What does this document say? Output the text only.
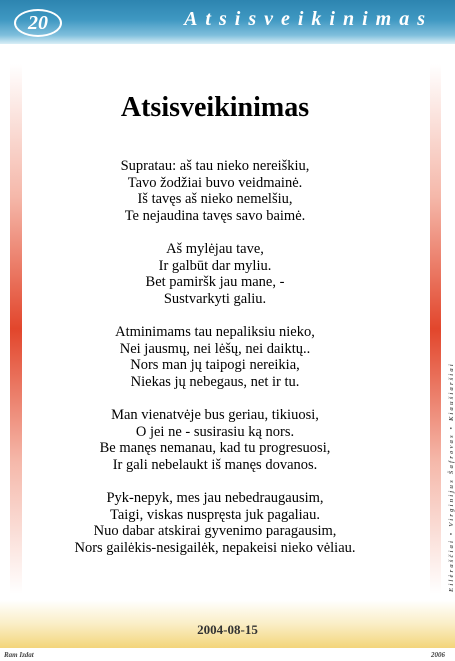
20	Atsisveikinimas
Eilėraščiai • Virginijus Šafrovas • Kiaušiaršiai
Atsisveikinimas
Supratau: aš tau nieko nereiškiu,
Tavo žodžiai buvo veidmainė.
Iš tavęs aš nieko nemelšiu,
Te nejaudina tavęs savo baimė.
Aš mylėjau tave,
Ir galbūt dar myliu.
Bet pamiršk jau mane, -
Sustvarkyti galiu.
Atminimams tau nepaliksiu nieko,
Nei jausmų, nei lėšų, nei daiktų..
Nors man jų taipogi nereikia,
Niekas jų nebegaus, net ir tu.
Man vienatvėje bus geriau, tikiuosi,
O jei ne - susirasiu ką nors.
Be manęs nemanau, kad tu progresuosi,
Ir gali nebelaukt iš manęs dovanos.
Pyk-nepyk, mes jau nebedraugausim,
Taigi, viskas nuspręsta juk pagaliau.
Nuo dabar atskirai gyvenimo paragausim,
Nors gailėkis-nesigailėk, nepakeisi nieko vėliau.
2004-08-15
Ram Izdat	2006
